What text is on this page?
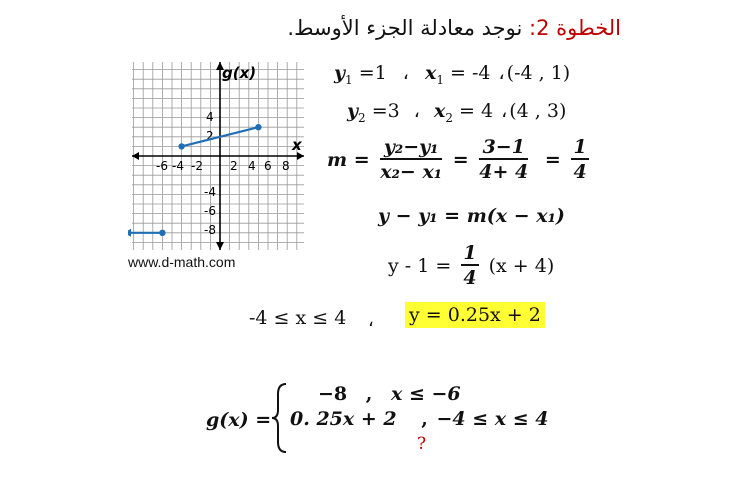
الخطوة 2: نوجد معادلة الجزء الأوسط.
-6 -4 -2 2 4 6 8
4
2
-4
-6
-8
g(x)
x
www.d-math.com
$y_1 =1$ ، $x_1 = -4$ ، (-4 , 1)
$y_2 =3$ ، $x_2 = 4$ ، (4 , 3)
$m = \frac{\text{y₂−y₁}}{\text{x₂− x₁}} = \frac{3-1}{4+ 4} = \frac{1}{4}$
y − y₁ = m(x − x₁)
$y - 1 = \frac{1}{4} (x + 4)$
-4 ≤ x ≤ 4 ، y = 0.25x + 2
g(x) =
−8 , x ≤ −6
0. 25x + 2 , −4 ≤ x ≤ 4
?
